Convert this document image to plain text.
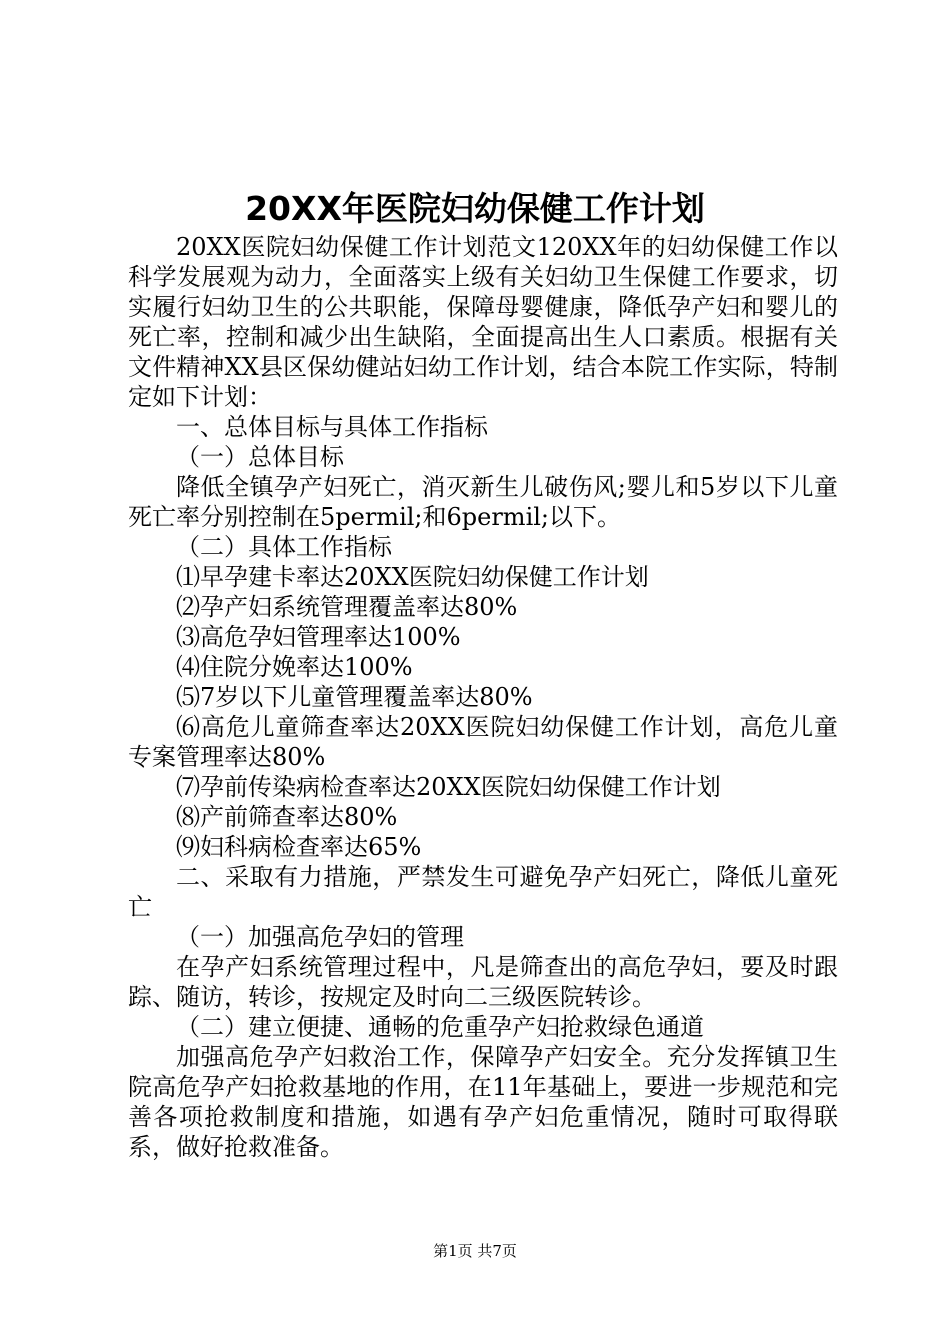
20XX年医院妇幼保健工作计划

20XX医院妇幼保健工作计划范文120XX年的妇幼保健工作以科学发展观为动力，全面落实上级有关妇幼卫生保健工作要求，切实履行妇幼卫生的公共职能，保障母婴健康，降低孕产妇和婴儿的死亡率，控制和减少出生缺陷，全面提高出生人口素质。根据有关文件精神XX县区保幼健站妇幼工作计划，结合本院工作实际，特制定如下计划：

一、总体目标与具体工作指标

（一）总体目标

降低全镇孕产妇死亡，消灭新生儿破伤风;婴儿和5岁以下儿童死亡率分别控制在5permil;和6permil;以下。

（二）具体工作指标

⑴早孕建卡率达20XX医院妇幼保健工作计划

⑵孕产妇系统管理覆盖率达80%

⑶高危孕妇管理率达100%

⑷住院分娩率达100%

⑸7岁以下儿童管理覆盖率达80%

⑹高危儿童筛查率达20XX医院妇幼保健工作计划，高危儿童专案管理率达80%

⑺孕前传染病检查率达20XX医院妇幼保健工作计划

⑻产前筛查率达80%

⑼妇科病检查率达65%

二、采取有力措施，严禁发生可避免孕产妇死亡，降低儿童死亡

（一）加强高危孕妇的管理

在孕产妇系统管理过程中，凡是筛查出的高危孕妇，要及时跟踪、随访，转诊，按规定及时向二三级医院转诊。

（二）建立便捷、通畅的危重孕产妇抢救绿色通道

加强高危孕产妇救治工作，保障孕产妇安全。充分发挥镇卫生院高危孕产妇抢救基地的作用，在11年基础上，要进一步规范和完善各项抢救制度和措施，如遇有孕产妇危重情况，随时可取得联系，做好抢救准备。

第1页 共7页
